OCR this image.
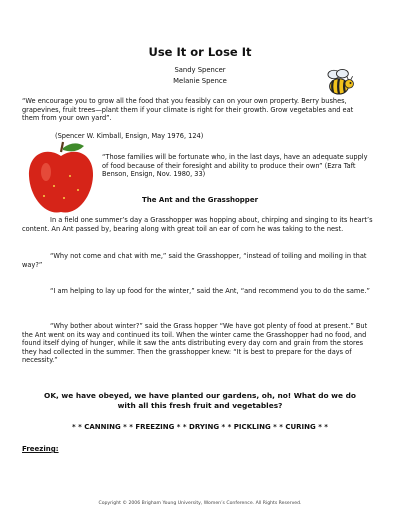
Use It or Lose It
Sandy Spencer
Melanie Spence

“We encourage you to grow all the food that you feasibly can on your own property. Berry bushes, grapevines, fruit trees—plant them if your climate is right for their growth. Grow vegetables and eat them from your own yard”.

(Spencer W. Kimball, Ensign, May 1976, 124)

“Those families will be fortunate who, in the last days, have an adequate supply of food because of their foresight and ability to produce their own” (Ezra Taft Benson, Ensign, Nov. 1980, 33)

The Ant and the Grasshopper

In a field one summer’s day a Grasshopper was hopping about, chirping and singing to its heart’s content. An Ant passed by, bearing along with great toil an ear of corn he was taking to the nest.

“Why not come and chat with me,” said the Grasshopper, “instead of toiling and moiling in that way?”

“I am helping to lay up food for the winter,” said the Ant, “and recommend you to do the same.”

“Why bother about winter?” said the Grass hopper “We have got plenty of food at present.” But the Ant went on its way and continued its toil. When the winter came the Grasshopper had no food, and found itself dying of hunger, while it saw the ants distributing every day corn and grain from the stores they had collected in the summer. Then the grasshopper knew: “It is best to prepare for the days of necessity.”

OK, we have obeyed, we have planted our gardens, oh, no! What do we do with all this fresh fruit and vegetables?
* * CANNING * * FREEZING * * DRYING * * PICKLING * * CURING * *
Freezing:
Copyright © 2006 Brigham Young University, Women’s Conference. All Rights Reserved.
